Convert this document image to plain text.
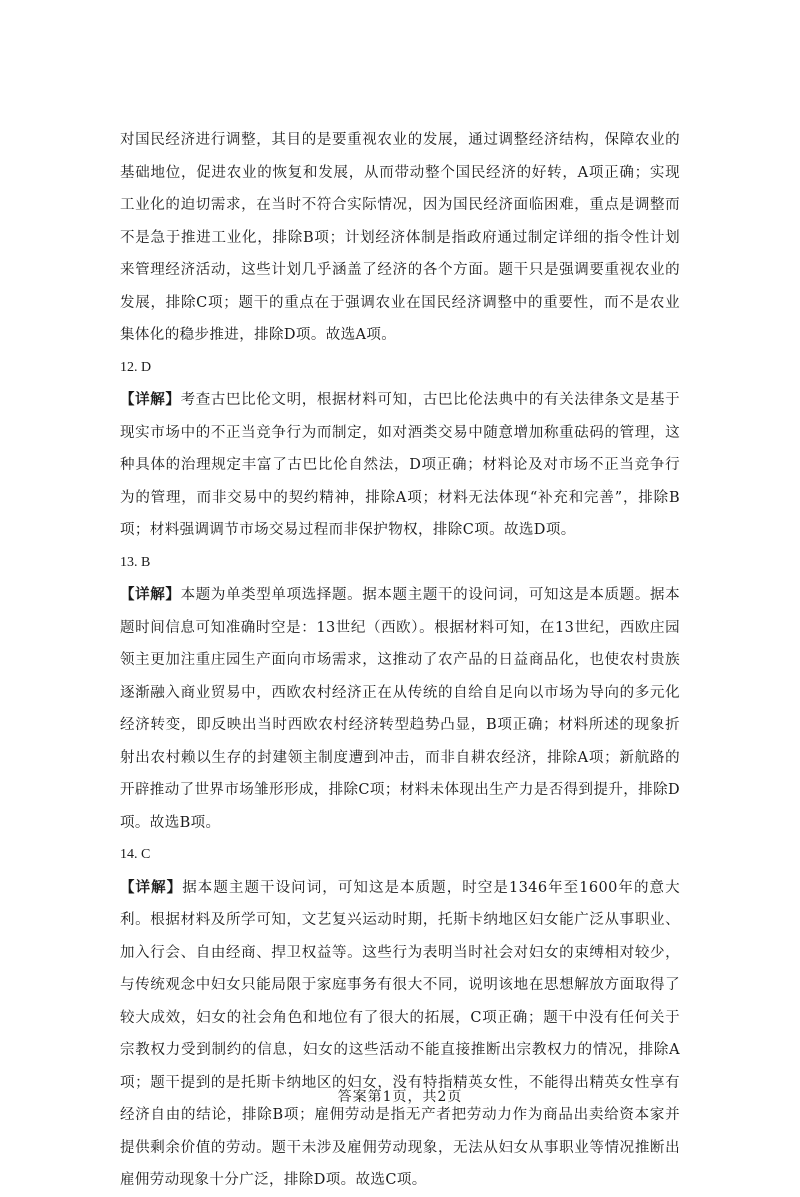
对国民经济进行调整，其目的是要重视农业的发展，通过调整经济结构，保障农业的基础地位，促进农业的恢复和发展，从而带动整个国民经济的好转，A项正确；实现工业化的迫切需求，在当时不符合实际情况，因为国民经济面临困难，重点是调整而不是急于推进工业化，排除B项；计划经济体制是指政府通过制定详细的指令性计划来管理经济活动，这些计划几乎涵盖了经济的各个方面。题干只是强调要重视农业的发展，排除C项；题干的重点在于强调农业在国民经济调整中的重要性，而不是农业集体化的稳步推进，排除D项。故选A项。

12. D

【详解】考查古巴比伦文明，根据材料可知，古巴比伦法典中的有关法律条文是基于现实市场中的不正当竞争行为而制定，如对酒类交易中随意增加称重砝码的管理，这种具体的治理规定丰富了古巴比伦自然法，D项正确；材料论及对市场不正当竞争行为的管理，而非交易中的契约精神，排除A项；材料无法体现“补充和完善”，排除B项；材料强调调节市场交易过程而非保护物权，排除C项。故选D项。

13. B

【详解】本题为单类型单项选择题。据本题主题干的设问词，可知这是本质题。据本题时间信息可知准确时空是：13世纪（西欧）。根据材料可知，在13世纪，西欧庄园领主更加注重庄园生产面向市场需求，这推动了农产品的日益商品化，也使农村贵族逐渐融入商业贸易中，西欧农村经济正在从传统的自给自足向以市场为导向的多元化经济转变，即反映出当时西欧农村经济转型趋势凸显，B项正确；材料所述的现象折射出农村赖以生存的封建领主制度遭到冲击，而非自耕农经济，排除A项；新航路的开辟推动了世界市场雏形形成，排除C项；材料未体现出生产力是否得到提升，排除D项。故选B项。

14. C

【详解】据本题主题干设问词，可知这是本质题，时空是1346年至1600年的意大利。根据材料及所学可知，文艺复兴运动时期，托斯卡纳地区妇女能广泛从事职业、加入行会、自由经商、捍卫权益等。这些行为表明当时社会对妇女的束缚相对较少，与传统观念中妇女只能局限于家庭事务有很大不同，说明该地在思想解放方面取得了较大成效，妇女的社会角色和地位有了很大的拓展，C项正确；题干中没有任何关于宗教权力受到制约的信息，妇女的这些活动不能直接推断出宗教权力的情况，排除A项；题干提到的是托斯卡纳地区的妇女，没有特指精英女性，不能得出精英女性享有经济自由的结论，排除B项；雇佣劳动是指无产者把劳动力作为商品出卖给资本家并提供剩余价值的劳动。题干未涉及雇佣劳动现象，无法从妇女从事职业等情况推断出雇佣劳动现象十分广泛，排除D项。故选C项。

答案第1页，共2页
